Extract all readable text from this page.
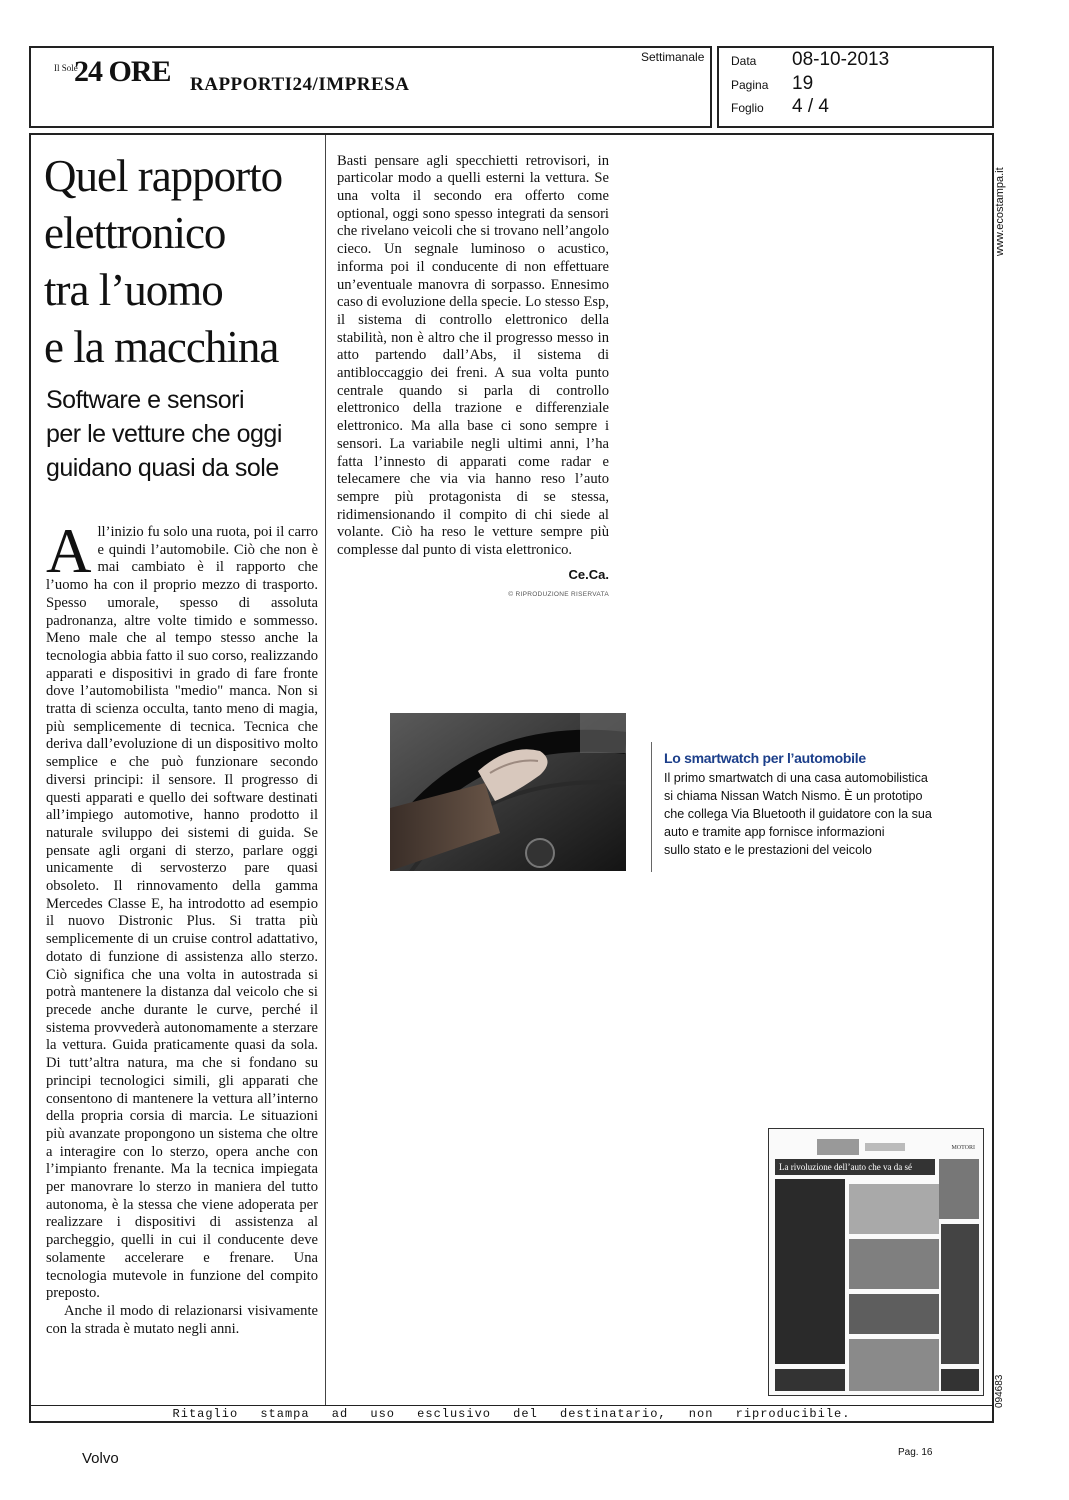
Il Sole
24 ORE RAPPORTI24/IMPRESA
Settimanale Data 08-10-2013
Pagina 19
Foglio 4 / 4
www.ecostampa.it
094683
Quel rapporto
elettronico
tra l’uomo
e la macchina
Software e sensori
per le vetture che oggi
guidano quasi da sole

All’inizio fu solo una ruota, poi il carro e quindi l’automobile. Ciò che non è mai cambiato è il rapporto che l’uomo ha con il proprio mezzo di trasporto. Spesso umorale, spesso di assoluta padronanza, altre volte timido e sommesso. Meno male che al tempo stesso anche la tecnologia abbia fatto il suo corso, realizzando apparati e dispositivi in grado di fare fronte dove l’automobilista "medio" manca. Non si tratta di scienza occulta, tanto meno di magia, più semplicemente di tecnica. Tecnica che deriva dall’evoluzione di un dispositivo molto semplice e che può funzionare secondo diversi principi: il sensore. Il progresso di questi apparati e quello dei software destinati all’impiego automotive, hanno prodotto il naturale sviluppo dei sistemi di guida. Se pensate agli organi di sterzo, parlare oggi unicamente di servosterzo pare quasi obsoleto. Il rinnovamento della gamma Mercedes Classe E, ha introdotto ad esempio il nuovo Distronic Plus. Si tratta più semplicemente di un cruise control adattativo, dotato di funzione di assistenza allo sterzo. Ciò significa che una volta in autostrada si potrà mantenere la distanza dal veicolo che si precede anche durante le curve, perché il sistema provvederà autonomamente a sterzare la vettura. Guida praticamente quasi da sola. Di tutt’altra natura, ma che si fondano su principi tecnologici simili, gli apparati che consentono di mantenere la vettura all’interno della propria corsia di marcia. Le situazioni più avanzate propongono un sistema che oltre a interagire con lo sterzo, opera anche con l’impianto frenante. Ma la tecnica impiegata per manovrare lo sterzo in maniera del tutto autonoma, è la stessa che viene adoperata per realizzare i dispositivi di assistenza al parcheggio, quelli in cui il conducente deve solamente accelerare e frenare. Una tecnologia mutevole in funzione del compito preposto.

Anche il modo di relazionarsi visivamente con la strada è mutato negli anni.

Basti pensare agli specchietti retrovisori, in particolar modo a quelli esterni la vettura. Se una volta il secondo era offerto come optional, oggi sono spesso integrati da sensori che rivelano veicoli che si trovano nell’angolo cieco. Un segnale luminoso o acustico, informa poi il conducente di non effettuare un’eventuale manovra di sorpasso. Ennesimo caso di evoluzione della specie. Lo stesso Esp, il sistema di controllo elettronico della stabilità, non è altro che il progresso messo in atto partendo dall’Abs, il sistema di antibloccaggio dei freni. A sua volta punto centrale quando si parla di controllo elettronico della trazione e differenziale elettronico. Ma alla base ci sono sempre i sensori. La variabile negli ultimi anni, l’ha fatta l’innesto di apparati come radar e telecamere che via via hanno reso l’auto sempre più protagonista di se stessa, ridimensionando il compito di chi siede al volante. Ciò ha reso le vetture sempre più complesse dal punto di vista elettronico.

Ce.Ca.
© RIPRODUZIONE RISERVATA
Lo smartwatch per l’automobile
Il primo smartwatch di una casa automobilistica
si chiama Nissan Watch Nismo. È un prototipo
che collega Via Bluetooth il guidatore con la sua
auto e tramite app fornisce informazioni
sullo stato e le prestazioni del veicolo
MOTORI
La rivoluzione dell’auto che va da sé
Ritaglio stampa ad uso esclusivo del destinatario, non riproducibile.
Volvo	Pag. 16
